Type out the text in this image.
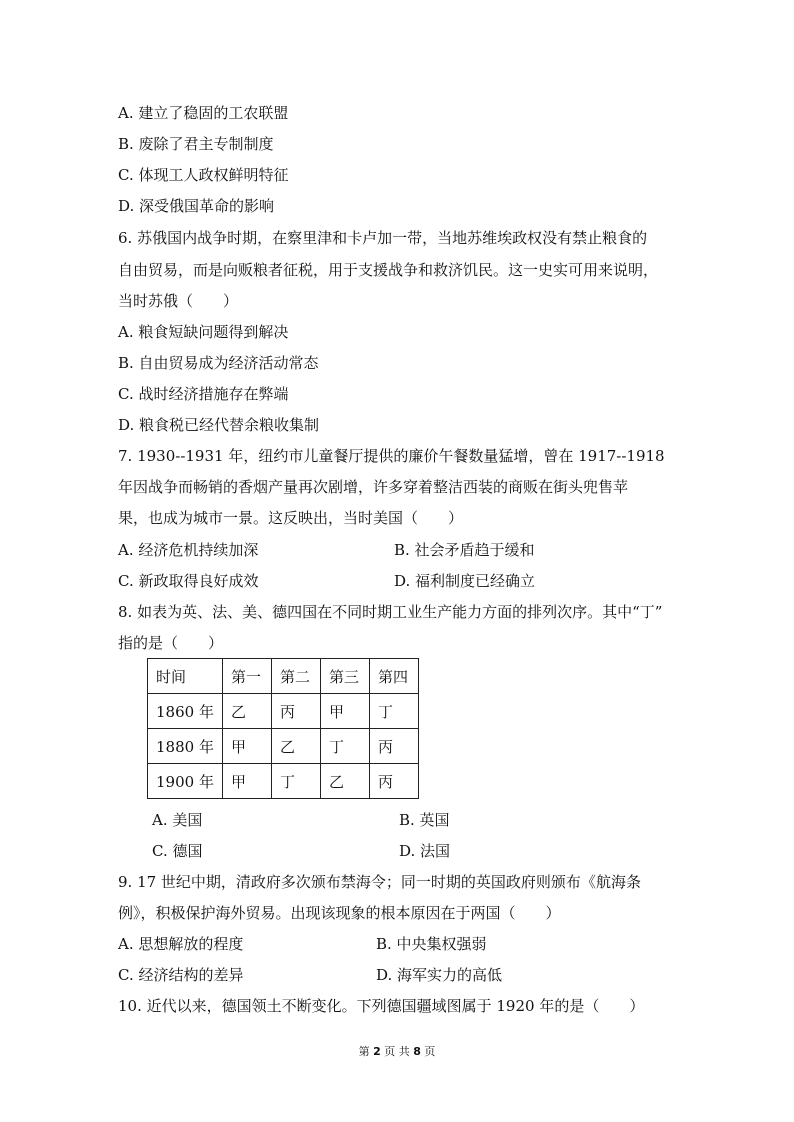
A. 建立了稳固的工农联盟
B. 废除了君主专制制度
C. 体现工人政权鲜明特征
D. 深受俄国革命的影响
6. 苏俄国内战争时期，在察里津和卡卢加一带，当地苏维埃政权没有禁止粮食的
自由贸易，而是向贩粮者征税，用于支援战争和救济饥民。这一史实可用来说明，
当时苏俄（　　）
A. 粮食短缺问题得到解决
B. 自由贸易成为经济活动常态
C. 战时经济措施存在弊端
D. 粮食税已经代替余粮收集制
7. 1930--1931 年，纽约市儿童餐厅提供的廉价午餐数量猛增，曾在 1917--1918
年因战争而畅销的香烟产量再次剧增，许多穿着整洁西装的商贩在街头兜售苹
果，也成为城市一景。这反映出，当时美国（　　）
A. 经济危机持续加深	B. 社会矛盾趋于缓和
C. 新政取得良好成效	D. 福利制度已经确立
8. 如表为英、法、美、德四国在不同时期工业生产能力方面的排列次序。其中“丁”
指的是（　　）
时间	第一	第二	第三	第四
1860 年	乙	丙	甲	丁
1880 年	甲	乙	丁	丙
1900 年	甲	丁	乙	丙
A. 美国	B. 英国
C. 德国	D. 法国
9. 17 世纪中期，清政府多次颁布禁海令；同一时期的英国政府则颁布《航海条
例》，积极保护海外贸易。出现该现象的根本原因在于两国（　　）
A. 思想解放的程度	B. 中央集权强弱
C. 经济结构的差异	D. 海军实力的高低
10. 近代以来，德国领土不断变化。下列德国疆域图属于 1920 年的是（　　）
第 2 页 共 8 页
